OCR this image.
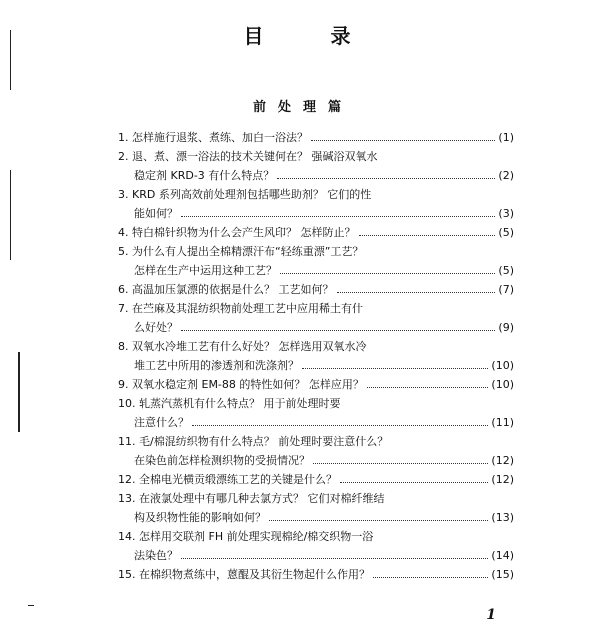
目 录
前处理篇
1. 怎样施行退浆、煮练、加白一浴法？	(1)
2. 退、煮、漂一浴法的技术关键何在？ 强碱浴双氧水
稳定剂 KRD-3 有什么特点？	(2)
3. KRD 系列高效前处理剂包括哪些助剂？ 它们的性
能如何？	(3)
4. 特白棉针织物为什么会产生风印？ 怎样防止？	(5)
5. 为什么有人提出全棉精漂汗布“轻练重漂”工艺？
怎样在生产中运用这种工艺？	(5)
6. 高温加压氯漂的依据是什么？ 工艺如何？	(7)
7. 在苎麻及其混纺织物前处理工艺中应用稀土有什
么好处？	(9)
8. 双氧水冷堆工艺有什么好处？ 怎样选用双氧水冷
堆工艺中所用的渗透剂和洗涤剂？	(10)
9. 双氧水稳定剂 EM-88 的特性如何？ 怎样应用？	(10)
10. 轧蒸汽蒸机有什么特点？ 用于前处理时要
注意什么？	(11)
11. 毛/棉混纺织物有什么特点？ 前处理时要注意什么？
在染色前怎样检测织物的受损情况？	(12)
12. 全棉电光横贡缎漂练工艺的关键是什么？	(12)
13. 在液氯处理中有哪几种去氯方式？ 它们对棉纤维结
构及织物性能的影响如何？	(13)
14. 怎样用交联剂 FH 前处理实现棉纶/棉交织物一浴
法染色？	(14)
15. 在棉织物煮练中，蒽醌及其衍生物起什么作用？	(15)
1
